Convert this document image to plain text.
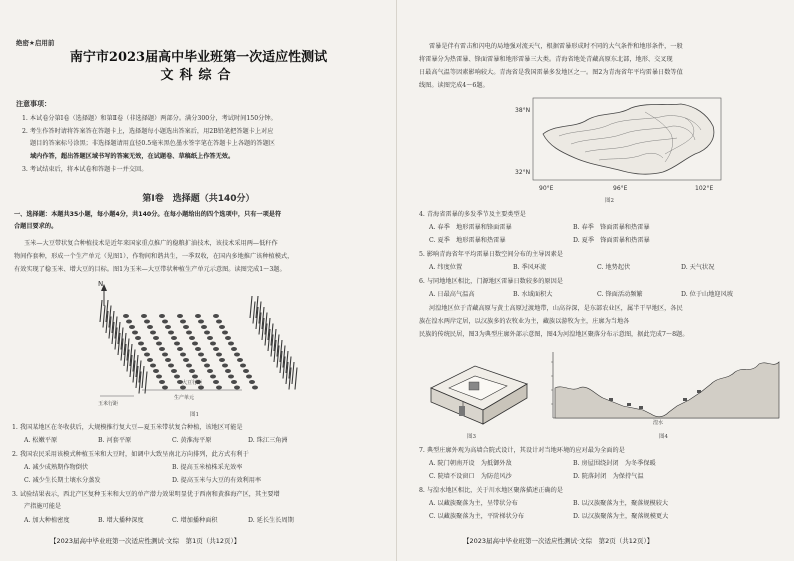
绝密★启用前
南宁市2023届高中毕业班第一次适应性测试
文科综合
注意事项：
1. 本试卷分第Ⅰ卷（选择题）和第Ⅱ卷（非选择题）两部分。满分300分，考试时间150分钟。
2. 考生作答时请将答案答在答题卡上，选择题每小题选出答案后，用2B铅笔把答题卡上对应
题目的答案标号涂黑；非选择题请用直径0.5毫米黑色墨水签字笔在答题卡上各题的答题区
域内作答，超出答题区域书写的答案无效，在试题卷、草稿纸上作答无效。
3. 考试结束后，将本试卷和答题卡一并交回。
第Ⅰ卷　选择题（共140分）
一、选择题：本题共35小题，每小题4分，共140分。在每小题给出的四个选项中，只有一项是符
合题目要求的。
玉米—大豆带状复合种植技术是近年来国家重点推广的稳粮扩油技术，该技术采用两—低秆作
物间作套种，形成一个生产单元（见图1），作物间和谐共生，一季双收，在国内多地推广该种植模式，
有效实现了稳玉米、增大豆的目标。图1为玉米—大豆带状种植生产单元示意图。读图完成1～3题。
N
大豆行距
生产单元
玉米行距
图1
1. 我国某地区在冬收获后，大规模推行复大豆—夏玉米带状复合种植，该地区可能是
A. 松嫩平原	B. 河套平原	C. 黄淮海平原	D. 珠江三角洲
2. 我国农民采用该模式种植玉米和大豆时，如调中大致呈南北方向排列，此方式有利于
A. 减少成熟期作物倒伏	B. 提高玉米植株采光效率
C. 减少生长期土壤水分蒸发	D. 提高玉米与大豆的有效利用率
3. 试验结果表示，西北产区复种玉米和大豆的单产潜力效果明显优于西南和黄淮海产区，其主要增
产指施可能是
A. 加大种植密度	B. 增大播种深度	C. 增加播种面积	D. 延长生长周期
【2023届高中毕业班第一次适应性测试·文综　第1页（共12页）】
雷暴是伴有雷击和闪电的局地强对流天气，根据雷暴形成时不同的大气条件和地形条件，一般
将雷暴分为热雷暴、锋面雷暴和地形雷暴三大类。青海省地处青藏高原东北部，地形、交叉现
日最高气温等因素影响较大。青海省是我国雷暴多发地区之一。图2为青海省年平均雷暴日数等值
线图。读图完成4～6题。
38°N
32°N
90°E	96°E	102°E
图2
4. 青海省雷暴的多发季节及主要类型是
A. 春季　地形雷暴和锋面雷暴	B. 春季　锋面雷暴和热雷暴
C. 夏季　地形雷暴和热雷暴	D. 夏季　锋面雷暴和热雷暴
5. 影响青海省年平均雷暴日数空间分布的主导因素是
A. 纬度位置	B. 季风环流	C. 地势起伏	D. 天气状况
6. 与同地地区相比，门源地区雷暴日数较多的原因是
A. 日最高气温高	B. 水域面积大	C. 锋面活动频繁	D. 位于山地迎风坡
河湟地区位于青藏高原与黄土高原过渡地带，山高谷深，是东部农业区，属半干旱地区，各民
族在湟水两岸定居，以汉族多的农牧业为主，藏族以游牧为主，庄廓为当地各
民族的传统民居，图3为典型庄廓外部示意图，图4为河湟地区聚落分布示意图，据此完成7～8题。
图3
湟水
图4
7. 典型庄廓外观为高墙合院式设计，其设计对当地环境的应对最为全面的是
A. 院门朝南开设　为抵御外敌	B. 房屋围绕封闭　为冬季保暖
C. 院墙不设窗口　为防范风沙	D. 院落封闭　为保持气温
8. 与湟水地区相比，关于川水地区聚落描述正确的是
A. 以藏族聚落为主，呈带状分布	B. 以汉族聚落为主，聚落规模较大
C. 以藏族聚落为主，平阶梯状分布	D. 以汉族聚落为主，聚落规模更大
【2023届高中毕业班第一次适应性测试·文综　第2页（共12页）】
